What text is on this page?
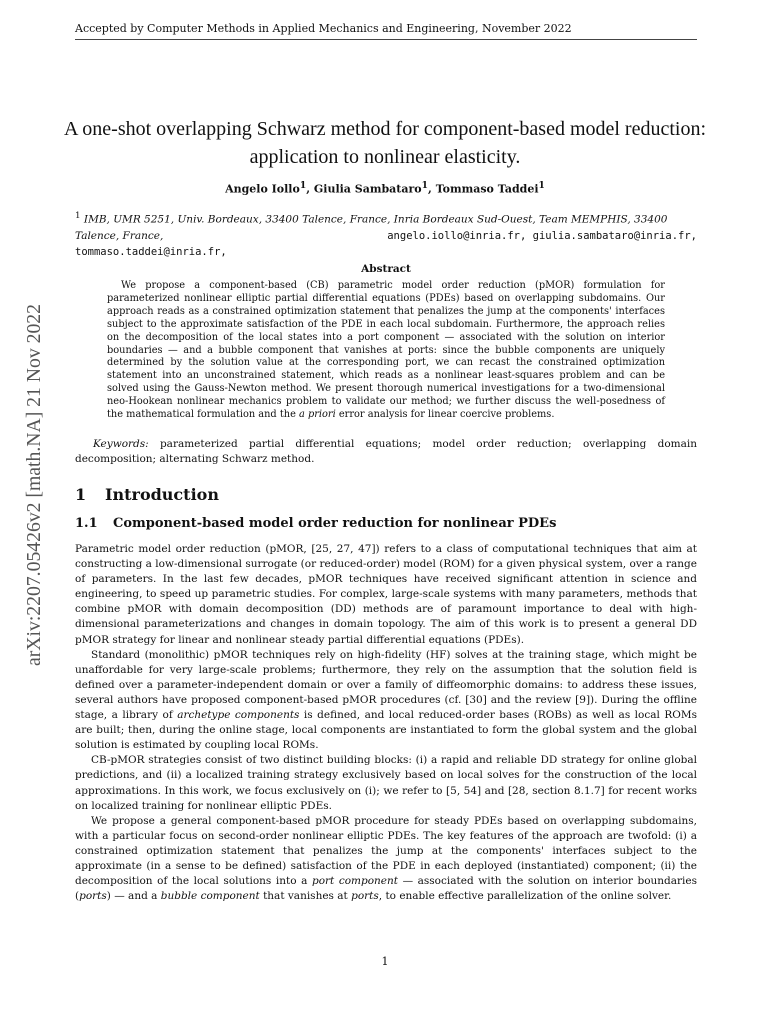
Accepted by Computer Methods in Applied Mechanics and Engineering, November 2022
arXiv:2207.05426v2 [math.NA] 21 Nov 2022
A one-shot overlapping Schwarz method for component-based model reduction: application to nonlinear elasticity.
Angelo Iollo$^1$, Giulia Sambataro$^1$, Tommaso Taddei$^1$
$^1$ IMB, UMR 5251, Univ. Bordeaux, 33400 Talence, France, Inria Bordeaux Sud-Ouest, Team MEMPHIS, 33400 Talence, France,	angelo.iollo@inria.fr, giulia.sambataro@inria.fr,

tommaso.taddei@inria.fr,
Abstract
We propose a component-based (CB) parametric model order reduction (pMOR) formulation for parameterized nonlinear elliptic partial differential equations (PDEs) based on overlapping subdomains. Our approach reads as a constrained optimization statement that penalizes the jump at the components' interfaces subject to the approximate satisfaction of the PDE in each local subdomain. Furthermore, the approach relies on the decomposition of the local states into a port component — associated with the solution on interior boundaries — and a bubble component that vanishes at ports: since the bubble components are uniquely determined by the solution value at the corresponding port, we can recast the constrained optimization statement into an unconstrained statement, which reads as a nonlinear least-squares problem and can be solved using the Gauss-Newton method. We present thorough numerical investigations for a two-dimensional neo-Hookean nonlinear mechanics problem to validate our method; we further discuss the well-posedness of the mathematical formulation and the a priori error analysis for linear coercive problems.
Keywords: parameterized partial differential equations; model order reduction; overlapping domain decomposition; alternating Schwarz method.
1 Introduction
1.1 Component-based model order reduction for nonlinear PDEs

Parametric model order reduction (pMOR, [25, 27, 47]) refers to a class of computational techniques that aim at constructing a low-dimensional surrogate (or reduced-order) model (ROM) for a given physical system, over a range of parameters. In the last few decades, pMOR techniques have received significant attention in science and engineering, to speed up parametric studies. For complex, large-scale systems with many parameters, methods that combine pMOR with domain decomposition (DD) methods are of paramount importance to deal with high-dimensional parameterizations and changes in domain topology. The aim of this work is to present a general DD pMOR strategy for linear and nonlinear steady partial differential equations (PDEs).

Standard (monolithic) pMOR techniques rely on high-fidelity (HF) solves at the training stage, which might be unaffordable for very large-scale problems; furthermore, they rely on the assumption that the solution field is defined over a parameter-independent domain or over a family of diffeomorphic domains: to address these issues, several authors have proposed component-based pMOR procedures (cf. [30] and the review [9]). During the offline stage, a library of archetype components is defined, and local reduced-order bases (ROBs) as well as local ROMs are built; then, during the online stage, local components are instantiated to form the global system and the global solution is estimated by coupling local ROMs.

CB-pMOR strategies consist of two distinct building blocks: (i) a rapid and reliable DD strategy for online global predictions, and (ii) a localized training strategy exclusively based on local solves for the construction of the local approximations. In this work, we focus exclusively on (i); we refer to [5, 54] and [28, section 8.1.7] for recent works on localized training for nonlinear elliptic PDEs.

We propose a general component-based pMOR procedure for steady PDEs based on overlapping subdomains, with a particular focus on second-order nonlinear elliptic PDEs. The key features of the approach are twofold: (i) a constrained optimization statement that penalizes the jump at the components' interfaces subject to the approximate (in a sense to be defined) satisfaction of the PDE in each deployed (instantiated) component; (ii) the decomposition of the local solutions into a port component — associated with the solution on interior boundaries (ports) — and a bubble component that vanishes at ports, to enable effective parallelization of the online solver.

1
